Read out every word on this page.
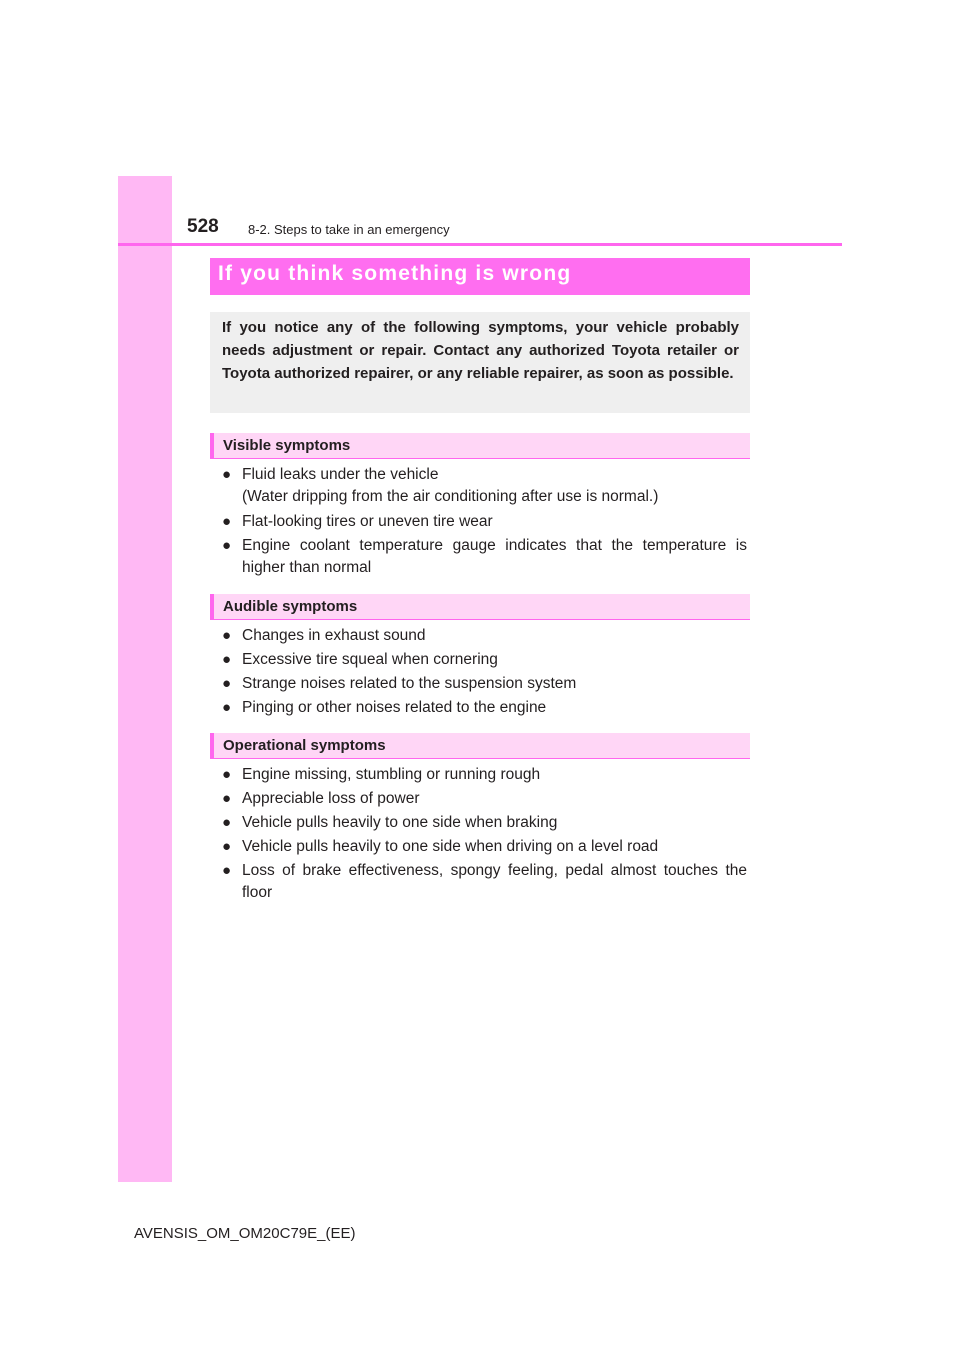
528 8-2. Steps to take in an emergency
If you think something is wrong

If you notice any of the following symptoms, your vehicle probably needs adjustment or repair. Contact any authorized Toyota retailer or Toyota authorized repairer, or any reliable repairer, as soon as possible.

Visible symptoms
● Fluid leaks under the vehicle
(Water dripping from the air conditioning after use is normal.)
● Flat-looking tires or uneven tire wear
● Engine coolant temperature gauge indicates that the temperature is higher than normal
Audible symptoms
● Changes in exhaust sound
● Excessive tire squeal when cornering
● Strange noises related to the suspension system
● Pinging or other noises related to the engine
Operational symptoms
● Engine missing, stumbling or running rough
● Appreciable loss of power
● Vehicle pulls heavily to one side when braking
● Vehicle pulls heavily to one side when driving on a level road
● Loss of brake effectiveness, spongy feeling, pedal almost touches the floor
AVENSIS_OM_OM20C79E_(EE)
